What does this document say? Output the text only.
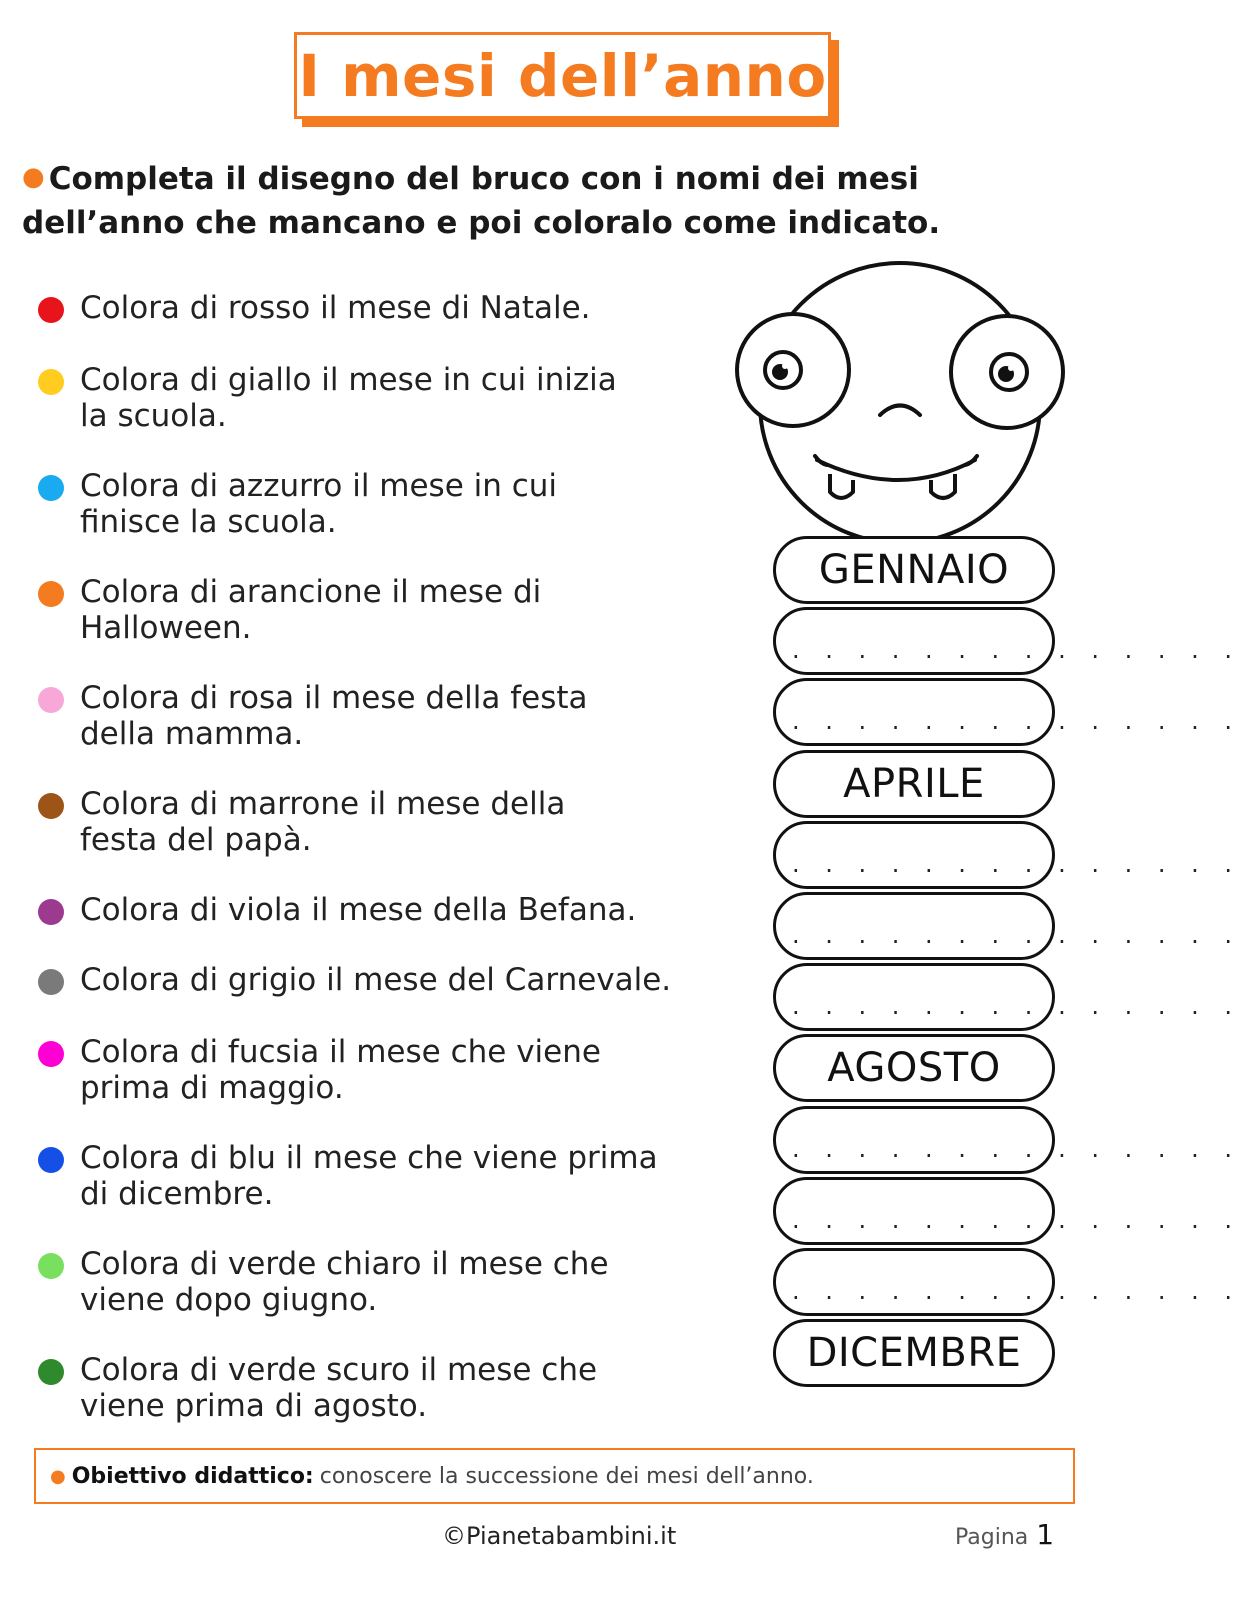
I mesi dell’anno
● Completa il disegno del bruco con i nomi dei mesi dell’anno che mancano e poi coloralo come indicato.
Colora di rosso il mese di Natale.
Colora di giallo il mese in cui inizia
la scuola.
Colora di azzurro il mese in cui
finisce la scuola.
Colora di arancione il mese di
Halloween.
Colora di rosa il mese della festa
della mamma.
Colora di marrone il mese della
festa del papà.
Colora di viola il mese della Befana.
Colora di grigio il mese del Carnevale.
Colora di fucsia il mese che viene
prima di maggio.
Colora di blu il mese che viene prima
di dicembre.
Colora di verde chiaro il mese che
viene dopo giugno.
Colora di verde scuro il mese che
viene prima di agosto.
GENNAIO
. . . . . . . . . . . . . .
. . . . . . . . . . . . . .
APRILE
. . . . . . . . . . . . . .
. . . . . . . . . . . . . .
. . . . . . . . . . . . . .
AGOSTO
. . . . . . . . . . . . . .
. . . . . . . . . . . . . .
. . . . . . . . . . . . . .
DICEMBRE
● Obiettivo didattico: conoscere la successione dei mesi dell’anno.
©Pianetabambini.it	Pagina 1
